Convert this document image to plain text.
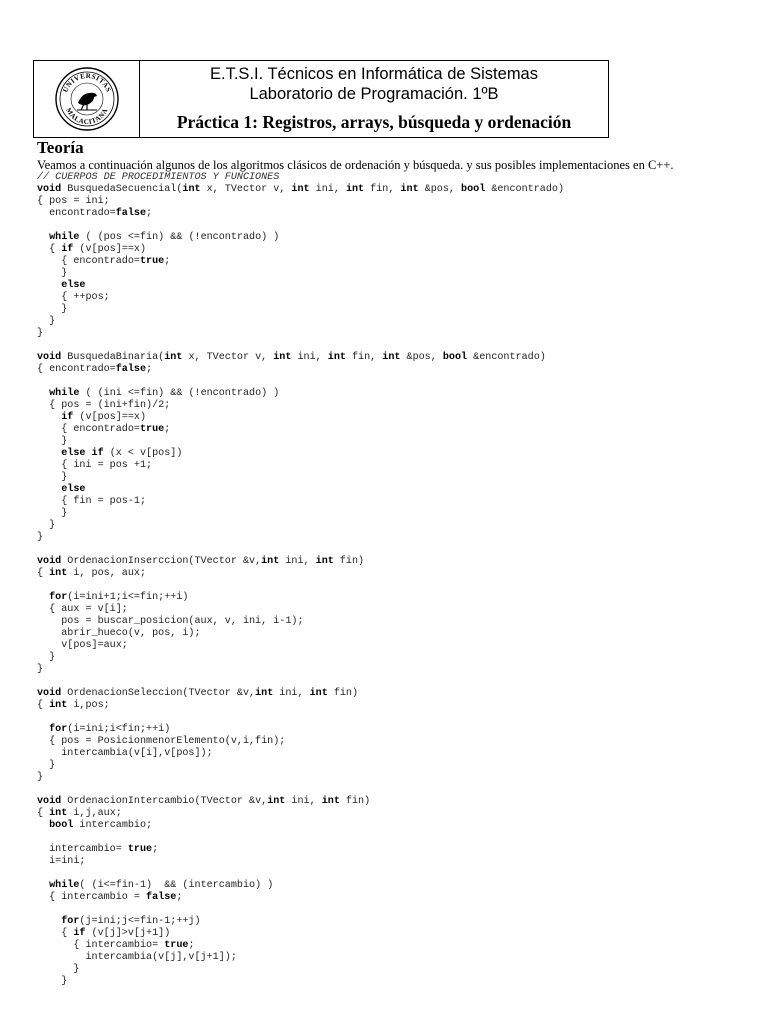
UNIVERSITAS
MALACITANA
E.T.S.I. Técnicos en Informática de Sistemas
Laboratorio de Programación. 1ºB
Práctica 1: Registros, arrays, búsqueda y ordenación
Teoría

Veamos a continuación algunos de los algoritmos clásicos de ordenación y búsqueda. y sus posibles implementaciones en C++.

// CUERPOS DE PROCEDIMIENTOS Y FUNCIONES
void BusquedaSecuencial(int x, TVector v, int ini, int fin, int &pos, bool &encontrado)
{ pos = ini;
encontrado=false;
while ( (pos <=fin) && (!encontrado) )
{ if (v[pos]==x)
{ encontrado=true;
}
else
{ ++pos;
}
}
}
void BusquedaBinaria(int x, TVector v, int ini, int fin, int &pos, bool &encontrado)
{ encontrado=false;
while ( (ini <=fin) && (!encontrado) )
{ pos = (ini+fin)/2;
if (v[pos]==x)
{ encontrado=true;
}
else if (x < v[pos])
{ ini = pos +1;
}
else
{ fin = pos-1;
}
}
}
void OrdenacionInserccion(TVector &v,int ini, int fin)
{ int i, pos, aux;
for(i=ini+1;i<=fin;++i)
{ aux = v[i];
pos = buscar_posicion(aux, v, ini, i-1);
abrir_hueco(v, pos, i);
v[pos]=aux;
}
}
void OrdenacionSeleccion(TVector &v,int ini, int fin)
{ int i,pos;
for(i=ini;i<fin;++i)
{ pos = PosicionmenorElemento(v,i,fin);
intercambia(v[i],v[pos]);
}
}
void OrdenacionIntercambio(TVector &v,int ini, int fin)
{ int i,j,aux;
bool intercambio;
intercambio= true;
i=ini;
while( (i<=fin-1)  && (intercambio) )
{ intercambio = false;
for(j=ini;j<=fin-1;++j)
{ if (v[j]>v[j+1])
{ intercambio= true;
intercambia(v[j],v[j+1]);
}
}
